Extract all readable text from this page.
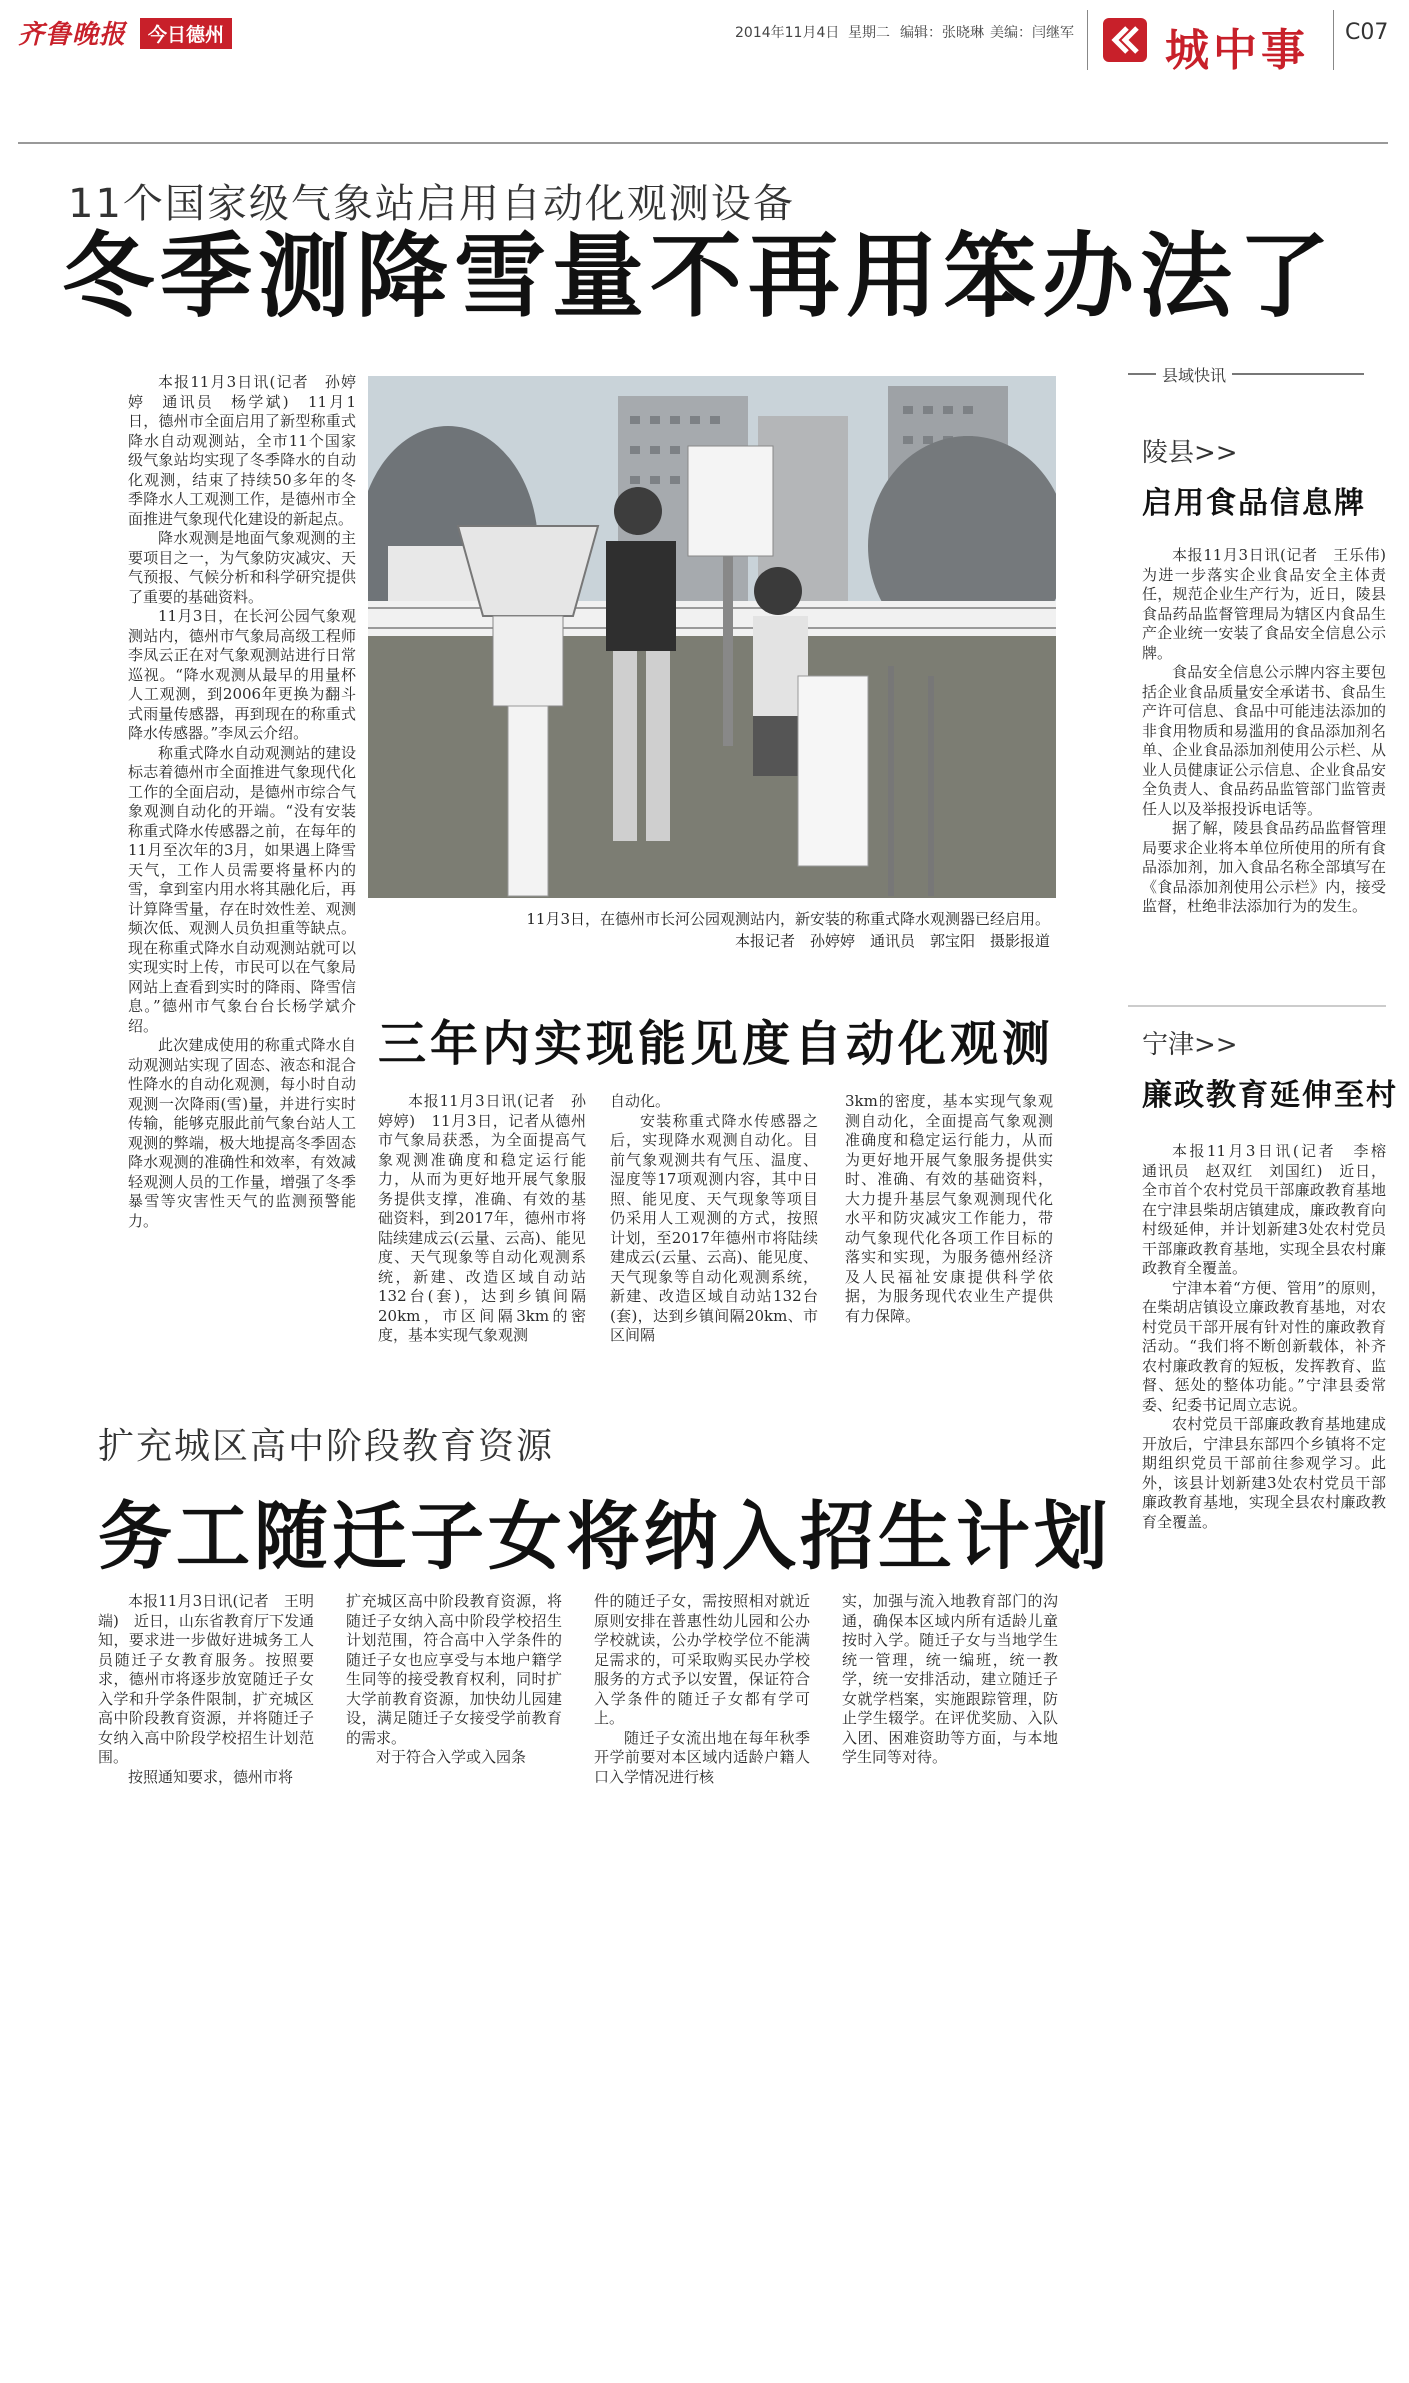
齐鲁晚报	今日德州	2014年11月4日 星期二 编辑：张晓琳 美编：闫继军 城中事 C07
11个国家级气象站启用自动化观测设备
冬季测降雪量不再用笨办法了

本报11月3日讯(记者　孙婷婷　通讯员　杨学斌)　11月1日，德州市全面启用了新型称重式降水自动观测站，全市11个国家级气象站均实现了冬季降水的自动化观测，结束了持续50多年的冬季降水人工观测工作，是德州市全面推进气象现代化建设的新起点。

降水观测是地面气象观测的主要项目之一，为气象防灾减灾、天气预报、气候分析和科学研究提供了重要的基础资料。

11月3日，在长河公园气象观测站内，德州市气象局高级工程师李凤云正在对气象观测站进行日常巡视。“降水观测从最早的用量杯人工观测，到2006年更换为翻斗式雨量传感器，再到现在的称重式降水传感器。”李凤云介绍。

称重式降水自动观测站的建设标志着德州市全面推进气象现代化工作的全面启动，是德州市综合气象观测自动化的开端。“没有安装称重式降水传感器之前，在每年的11月至次年的3月，如果遇上降雪天气，工作人员需要将量杯内的雪，拿到室内用水将其融化后，再计算降雪量，存在时效性差、观测频次低、观测人员负担重等缺点。现在称重式降水自动观测站就可以实现实时上传，市民可以在气象局网站上查看到实时的降雨、降雪信息。”德州市气象台台长杨学斌介绍。

此次建成使用的称重式降水自动观测站实现了固态、液态和混合性降水的自动化观测，每小时自动观测一次降雨(雪)量，并进行实时传输，能够克服此前气象台站人工观测的弊端，极大地提高冬季固态降水观测的准确性和效率，有效减轻观测人员的工作量，增强了冬季暴雪等灾害性天气的监测预警能力。

11月3日，在德州市长河公园观测站内，新安装的称重式降水观测器已经启用。
本报记者　孙婷婷　通讯员　郭宝阳　摄影报道
三年内实现能见度自动化观测

本报11月3日讯(记者　孙婷婷)　11月3日，记者从德州市气象局获悉，为全面提高气象观测准确度和稳定运行能力，从而为更好地开展气象服务提供支撑，准确、有效的基础资料，到2017年，德州市将陆续建成云(云量、云高)、能见度、天气现象等自动化观测系统，新建、改造区域自动站132台(套)，达到乡镇间隔20km，市区间隔3km的密度，基本实现气象观测

自动化。

安装称重式降水传感器之后，实现降水观测自动化。目前气象观测共有气压、温度、湿度等17项观测内容，其中日照、能见度、天气现象等项目仍采用人工观测的方式，按照计划，至2017年德州市将陆续建成云(云量、云高)、能见度、天气现象等自动化观测系统，新建、改造区域自动站132台(套)，达到乡镇间隔20km、市区间隔

3km的密度，基本实现气象观测自动化，全面提高气象观测准确度和稳定运行能力，从而为更好地开展气象服务提供实时、准确、有效的基础资料，大力提升基层气象观测现代化水平和防灾减灾工作能力，带动气象现代化各项工作目标的落实和实现，为服务德州经济及人民福祉安康提供科学依据，为服务现代农业生产提供有力保障。
扩充城区高中阶段教育资源
务工随迁子女将纳入招生计划

本报11月3日讯(记者　王明端)　近日，山东省教育厅下发通知，要求进一步做好进城务工人员随迁子女教育服务。按照要求，德州市将逐步放宽随迁子女入学和升学条件限制，扩充城区高中阶段教育资源，并将随迁子女纳入高中阶段学校招生计划范围。

按照通知要求，德州市将

扩充城区高中阶段教育资源，将随迁子女纳入高中阶段学校招生计划范围，符合高中入学条件的随迁子女也应享受与本地户籍学生同等的接受教育权利，同时扩大学前教育资源，加快幼儿园建设，满足随迁子女接受学前教育的需求。

对于符合入学或入园条

件的随迁子女，需按照相对就近原则安排在普惠性幼儿园和公办学校就读，公办学校学位不能满足需求的，可采取购买民办学校服务的方式予以安置，保证符合入学条件的随迁子女都有学可上。

随迁子女流出地在每年秋季开学前要对本区域内适龄户籍人口入学情况进行核

实，加强与流入地教育部门的沟通，确保本区域内所有适龄儿童按时入学。随迁子女与当地学生统一管理，统一编班，统一教学，统一安排活动，建立随迁子女就学档案，实施跟踪管理，防止学生辍学。在评优奖励、入队入团、困难资助等方面，与本地学生同等对待。
县域快讯
陵县>>
启用食品信息牌

本报11月3日讯(记者　王乐伟)　为进一步落实企业食品安全主体责任，规范企业生产行为，近日，陵县食品药品监督管理局为辖区内食品生产企业统一安装了食品安全信息公示牌。

食品安全信息公示牌内容主要包括企业食品质量安全承诺书、食品生产许可信息、食品中可能违法添加的非食用物质和易滥用的食品添加剂名单、企业食品添加剂使用公示栏、从业人员健康证公示信息、企业食品安全负责人、食品药品监管部门监管责任人以及举报投诉电话等。

据了解，陵县食品药品监督管理局要求企业将本单位所使用的所有食品添加剂，加入食品名称全部填写在《食品添加剂使用公示栏》内，接受监督，杜绝非法添加行为的发生。

宁津>>
廉政教育延伸至村

本报11月3日讯(记者　李榕　通讯员　赵双红　刘国红)　近日，全市首个农村党员干部廉政教育基地在宁津县柴胡店镇建成，廉政教育向村级延伸，并计划新建3处农村党员干部廉政教育基地，实现全县农村廉政教育全覆盖。

宁津本着“方便、管用”的原则，在柴胡店镇设立廉政教育基地，对农村党员干部开展有针对性的廉政教育活动。“我们将不断创新载体，补齐农村廉政教育的短板，发挥教育、监督、惩处的整体功能。”宁津县委常委、纪委书记周立志说。

农村党员干部廉政教育基地建成开放后，宁津县东部四个乡镇将不定期组织党员干部前往参观学习。此外，该县计划新建3处农村党员干部廉政教育基地，实现全县农村廉政教育全覆盖。
